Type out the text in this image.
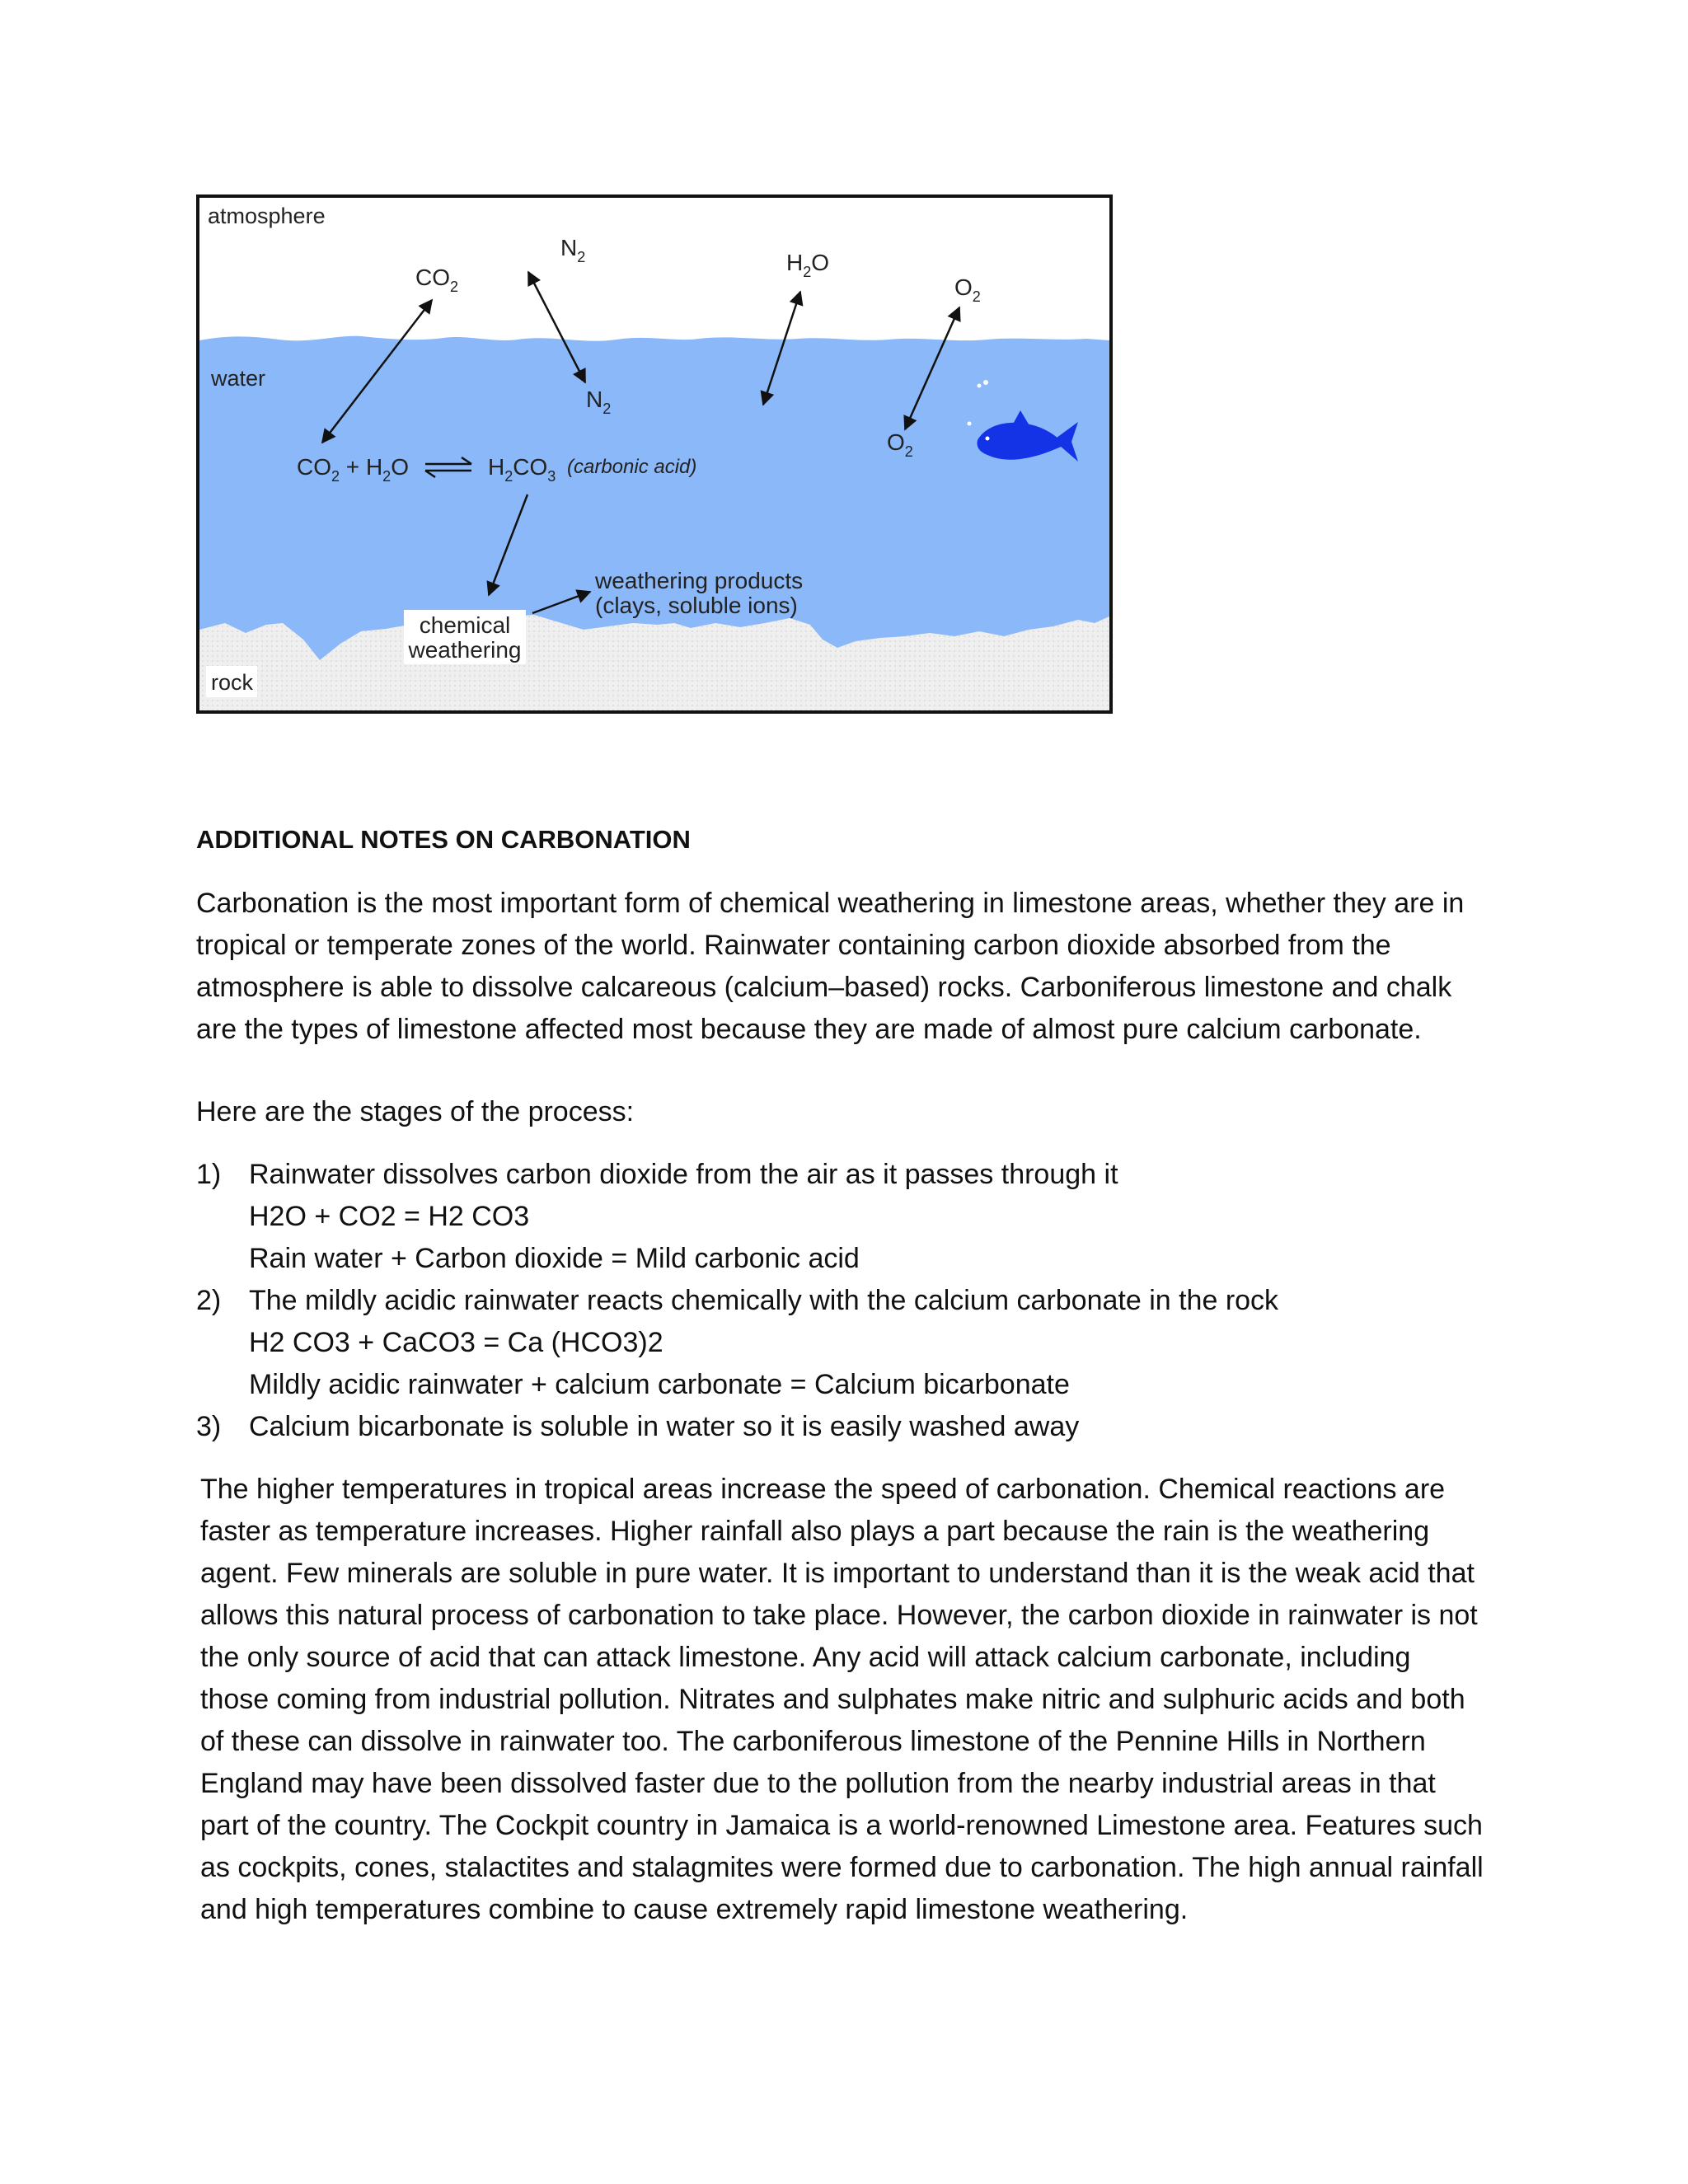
atmosphere
water
rock
$CO_2$
$N_2$
$N_2$
$H_2O$
$O_2$
$O_2$
$CO_2 + H_2O$	$H_2CO_3$ (carbonic acid)
weathering products
(clays, soluble ions)
chemical
weathering
ADDITIONAL NOTES ON CARBONATION

Carbonation is the most important form of chemical weathering in limestone areas, whether they are in tropical or temperate zones of the world. Rainwater containing carbon dioxide absorbed from the atmosphere is able to dissolve calcareous (calcium–based) rocks. Carboniferous limestone and chalk are the types of limestone affected most because they are made of almost pure calcium carbonate.

Here are the stages of the process:

1) Rainwater dissolves carbon dioxide from the air as it passes through it
H2O + CO2 = H2 CO3
Rain water + Carbon dioxide = Mild carbonic acid
2) The mildly acidic rainwater reacts chemically with the calcium carbonate in the rock
H2 CO3 + CaCO3 = Ca (HCO3)2
Mildly acidic rainwater + calcium carbonate = Calcium bicarbonate
3) Calcium bicarbonate is soluble in water so it is easily washed away

The higher temperatures in tropical areas increase the speed of carbonation. Chemical reactions are faster as temperature increases. Higher rainfall also plays a part because the rain is the weathering agent. Few minerals are soluble in pure water. It is important to understand than it is the weak acid that allows this natural process of carbonation to take place. However, the carbon dioxide in rainwater is not the only source of acid that can attack limestone. Any acid will attack calcium carbonate, including those coming from industrial pollution. Nitrates and sulphates make nitric and sulphuric acids and both of these can dissolve in rainwater too. The carboniferous limestone of the Pennine Hills in Northern England may have been dissolved faster due to the pollution from the nearby industrial areas in that part of the country. The Cockpit country in Jamaica is a world-renowned Limestone area. Features such as cockpits, cones, stalactites and stalagmites were formed due to carbonation. The high annual rainfall and high temperatures combine to cause extremely rapid limestone weathering.
